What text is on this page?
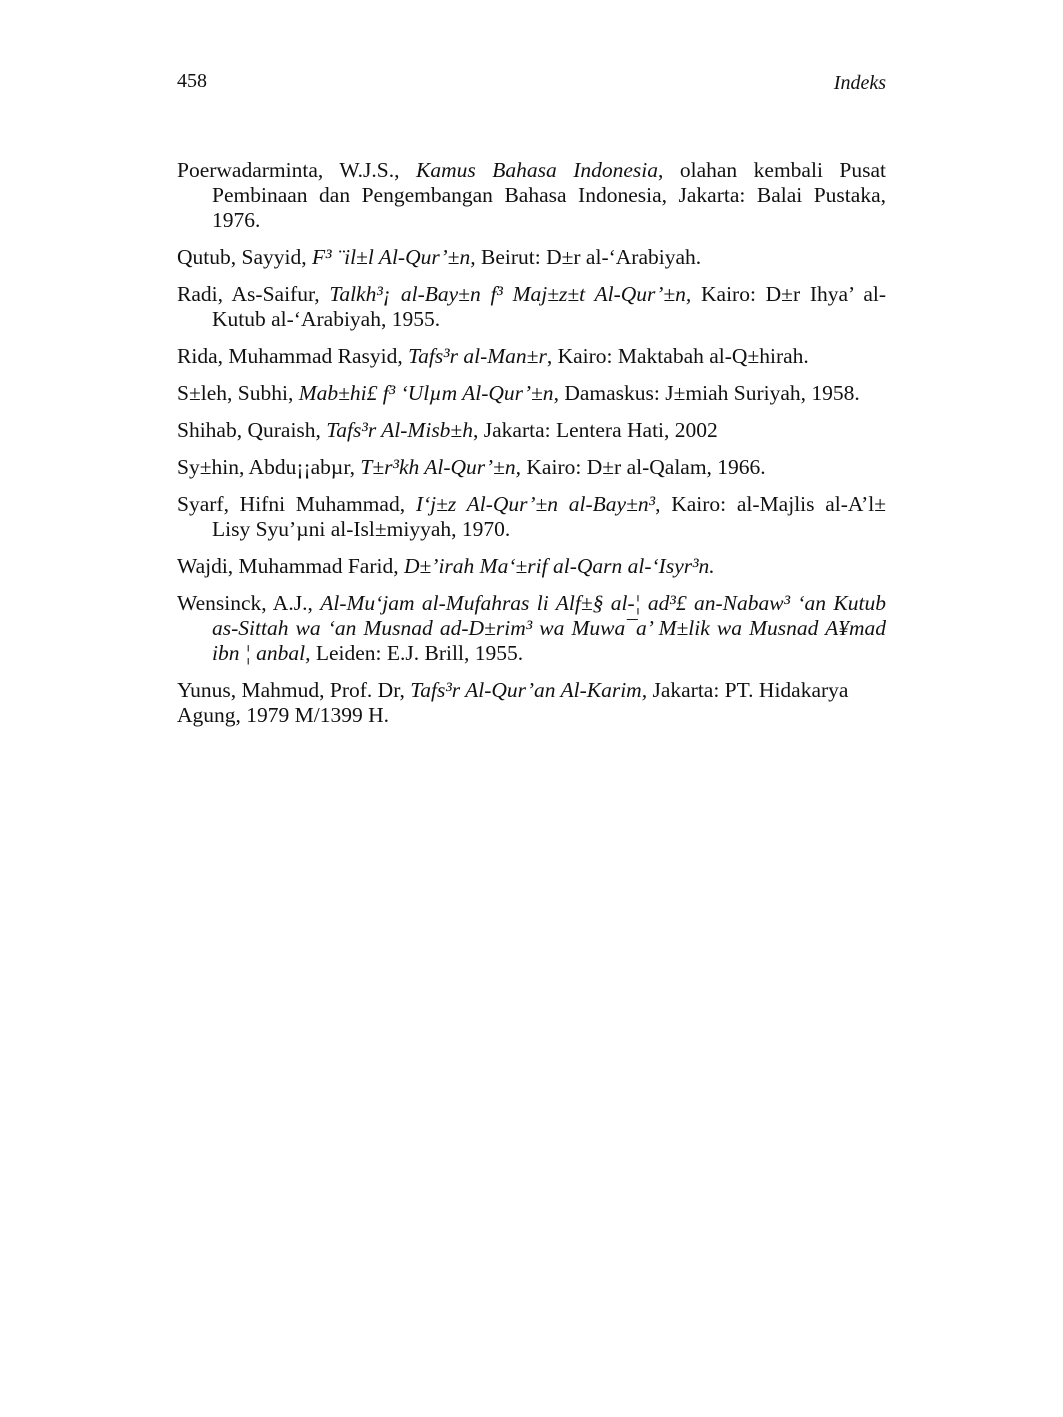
458	Indeks

Poerwadarminta, W.J.S., Kamus Bahasa Indonesia, olahan kembali Pusat Pembinaan dan Pengembangan Bahasa Indonesia, Jakarta: Balai Pustaka, 1976.

Qutub, Sayyid, F³ ¨il±l Al-Qur’±n, Beirut: D±r al-‘Arabiyah.

Radi, As-Saifur, Talkh³¡ al-Bay±n f³ Maj±z±t Al-Qur’±n, Kairo: D±r Ihya’ al-Kutub al-‘Arabiyah, 1955.

Rida, Muhammad Rasyid, Tafs³r al-Man±r, Kairo: Maktabah al-Q±hirah.

S±leh, Subhi, Mab±hi£ f³ ‘Ulµm Al-Qur’±n, Damaskus: J±miah Suriyah, 1958.

Shihab, Quraish, Tafs³r Al-Misb±h, Jakarta: Lentera Hati, 2002

Sy±hin, Abdu¡¡abµr, T±r³kh Al-Qur’±n, Kairo: D±r al-Qalam, 1966.

Syarf, Hifni Muhammad, I‘j±z Al-Qur’±n al-Bay±n³, Kairo: al-Majlis al-A’l± Lisy Syu’µni al-Isl±miyyah, 1970.

Wajdi, Muhammad Farid, D±’irah Ma‘±rif al-Qarn al-‘Isyr³n.

Wensinck, A.J., Al-Mu‘jam al-Mufahras li Alf±§ al-¦ ad³£ an-Nabaw³ ‘an Kutub as-Sittah wa ‘an Musnad ad-D±rim³ wa Muwa¯a’ M±lik wa Musnad A¥mad ibn ¦ anbal, Leiden: E.J. Brill, 1955.

Yunus, Mahmud, Prof. Dr, Tafs³r Al-Qur’an Al-Karim, Jakarta: PT. Hidakarya Agung, 1979 M/1399 H.
